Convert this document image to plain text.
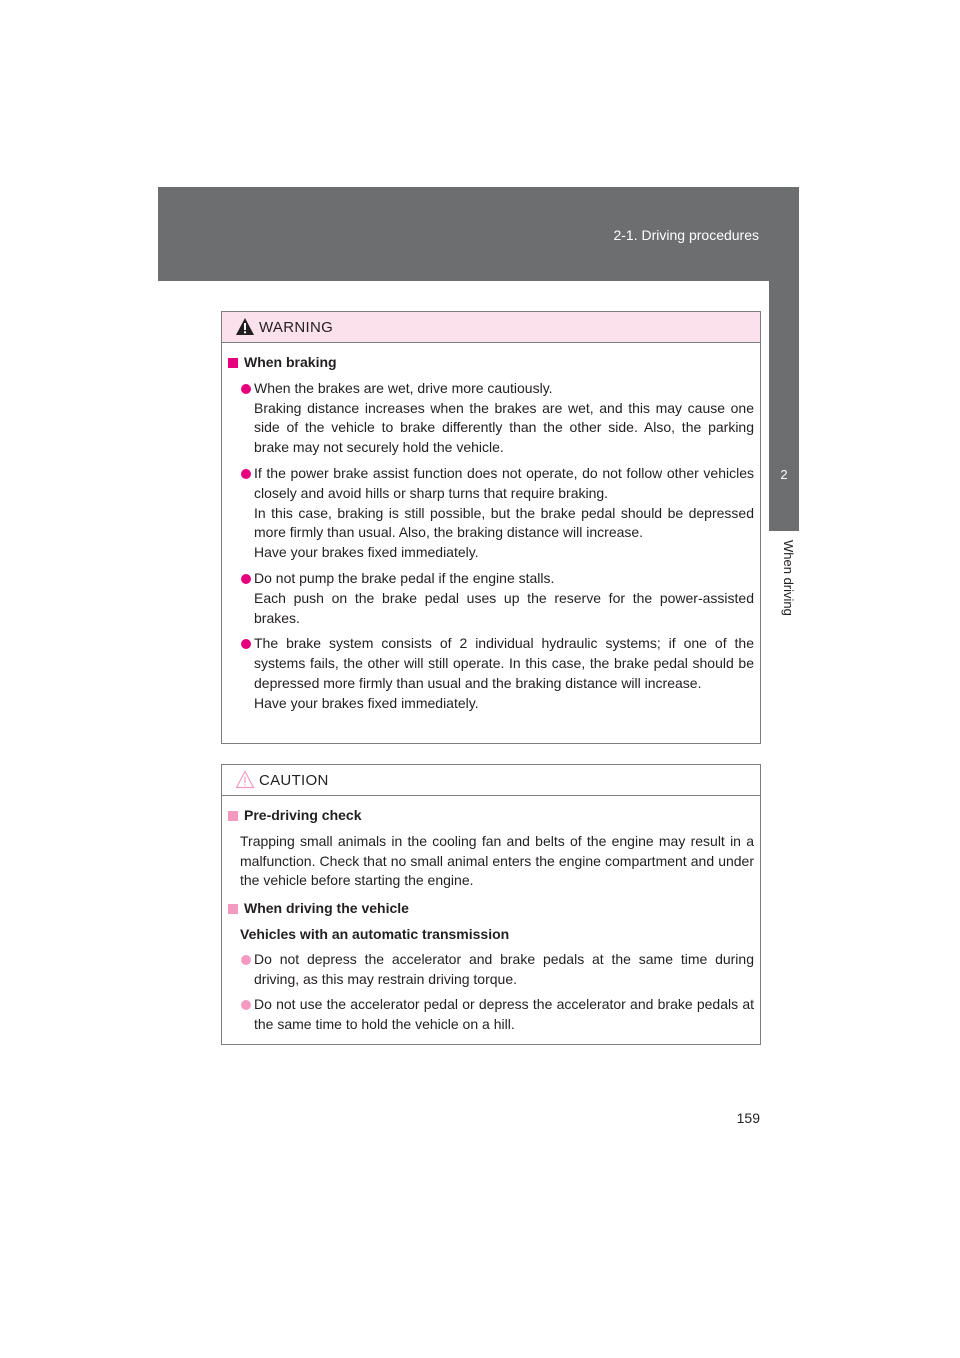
2-1. Driving procedures
2
When driving
WARNING
When braking
When the brakes are wet, drive more cautiously.
Braking distance increases when the brakes are wet, and this may cause one side of the vehicle to brake differently than the other side. Also, the parking brake may not securely hold the vehicle.
If the power brake assist function does not operate, do not follow other vehicles closely and avoid hills or sharp turns that require braking.
In this case, braking is still possible, but the brake pedal should be depressed more firmly than usual. Also, the braking distance will increase.
Have your brakes fixed immediately.
Do not pump the brake pedal if the engine stalls.
Each push on the brake pedal uses up the reserve for the power-assisted brakes.
The brake system consists of 2 individual hydraulic systems; if one of the systems fails, the other will still operate. In this case, the brake pedal should be depressed more firmly than usual and the braking distance will increase.
Have your brakes fixed immediately.
CAUTION
Pre-driving check
Trapping small animals in the cooling fan and belts of the engine may result in a malfunction. Check that no small animal enters the engine compartment and under the vehicle before starting the engine.
When driving the vehicle
Vehicles with an automatic transmission
Do not depress the accelerator and brake pedals at the same time during driving, as this may restrain driving torque.
Do not use the accelerator pedal or depress the accelerator and brake pedals at the same time to hold the vehicle on a hill.
159
